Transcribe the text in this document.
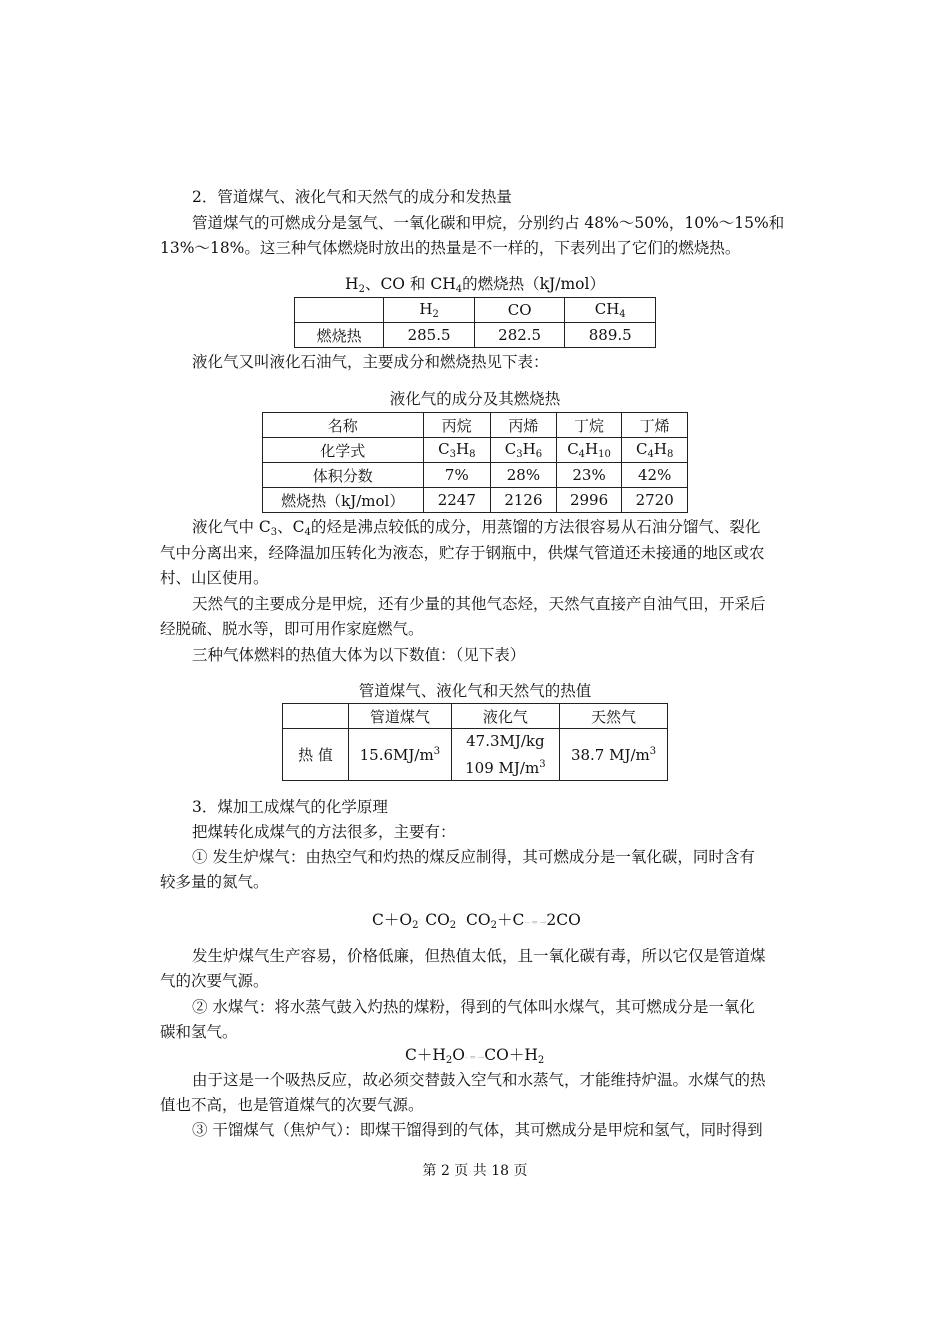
2．管道煤气、液化气和天然气的成分和发热量
管道煤气的可燃成分是氢气、一氧化碳和甲烷，分别约占 48%～50%，10%～15%和
13%～18%。这三种气体燃烧时放出的热量是不一样的，下表列出了它们的燃烧热。
$H_2$、CO 和 $CH_4$的燃烧热（kJ/mol）
	$H_2$	CO	$CH_4$
燃烧热	285.5	282.5	889.5
液化气又叫液化石油气，主要成分和燃烧热见下表：
液化气的成分及其燃烧热
名称	丙烷	丙烯	丁烷	丁烯
化学式	$C_3H_8$	$C_3H_6$	$C_4H_{10}$	$C_4H_8$
体积分数	7%	28%	23%	42%
燃烧热（kJ/mol）	2247	2126	2996	2720
液化气中 $C_3$、$C_4$的烃是沸点较低的成分，用蒸馏的方法很容易从石油分馏气、裂化
气中分离出来，经降温加压转化为液态，贮存于钢瓶中，供煤气管道还未接通的地区或农
村、山区使用。
天然气的主要成分是甲烷，还有少量的其他气态烃，天然气直接产自油气田，开采后
经脱硫、脱水等，即可用作家庭燃气。
三种气体燃料的热值大体为以下数值：（见下表）
管道煤气、液化气和天然气的热值
	管道煤气	液化气	天然气
热 值	$15.6MJ/m^3$	47.3MJ/kg
109 $MJ/m^3$	38.7 $MJ/m^3$
3．煤加工成煤气的化学原理
把煤转化成煤气的方法很多，主要有：
① 发生炉煤气：由热空气和灼热的煤反应制得，其可燃成分是一氧化碳，同时含有
较多量的氮气。
$C+O_2'$ $CO_2$ $CO_2+C--$ ═ →2CO
发生炉煤气生产容易，价格低廉，但热值太低，且一氧化碳有毒，所以它仅是管道煤
气的次要气源。
② 水煤气：将水蒸气鼓入灼热的煤粉，得到的气体叫水煤气，其可燃成分是一氧化
碳和氢气。
$C+H_2O-$ ═ $\to CO+H_2$
由于这是一个吸热反应，故必须交替鼓入空气和水蒸气，才能维持炉温。水煤气的热
值也不高，也是管道煤气的次要气源。
③ 干馏煤气（焦炉气）：即煤干馏得到的气体，其可燃成分是甲烷和氢气，同时得到
第 2 页 共 18 页
